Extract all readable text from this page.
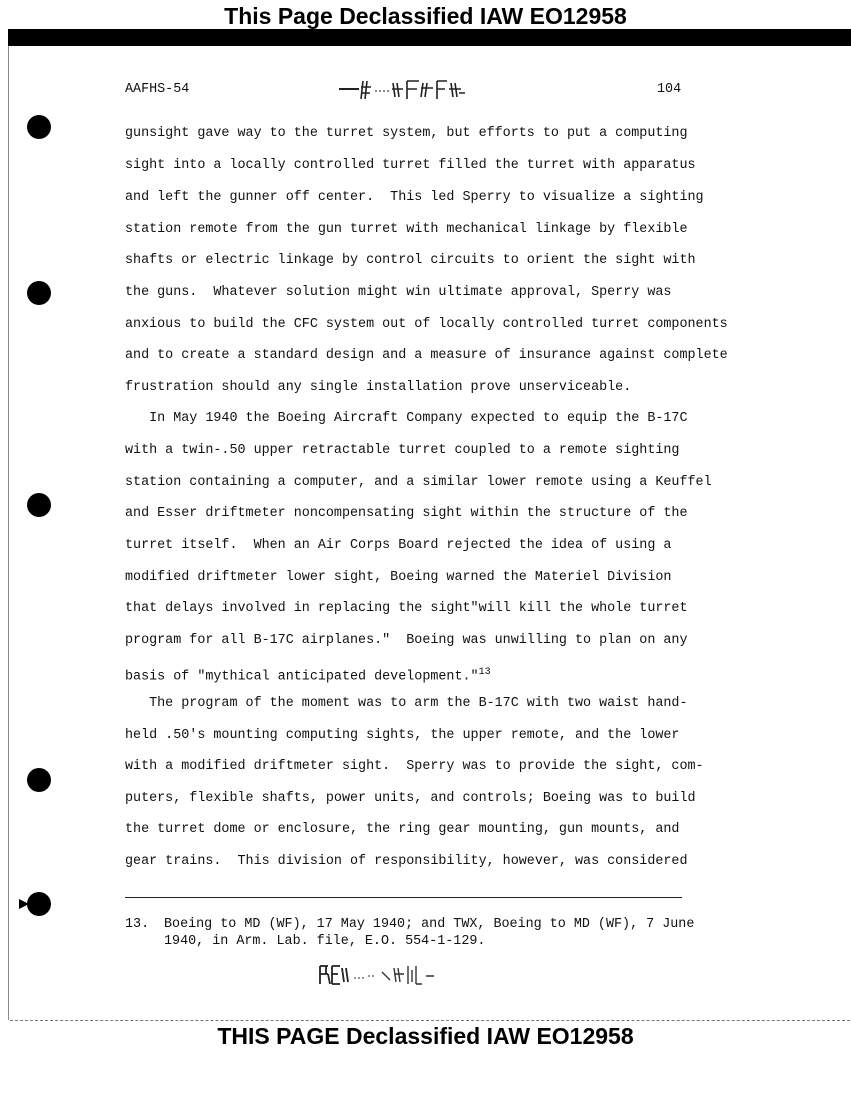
This Page Declassified IAW EO12958
AAFHS-54	104
gunsight gave way to the turret system, but efforts to put a computing
sight into a locally controlled turret filled the turret with apparatus
and left the gunner off center.  This led Sperry to visualize a sighting
station remote from the gun turret with mechanical linkage by flexible
shafts or electric linkage by control circuits to orient the sight with
the guns.  Whatever solution might win ultimate approval, Sperry was
anxious to build the CFC system out of locally controlled turret components
and to create a standard design and a measure of insurance against complete
frustration should any single installation prove unserviceable.
In May 1940 the Boeing Aircraft Company expected to equip the B-17C
with a twin-.50 upper retractable turret coupled to a remote sighting
station containing a computer, and a similar lower remote using a Keuffel
and Esser driftmeter noncompensating sight within the structure of the
turret itself.  When an Air Corps Board rejected the idea of using a
modified driftmeter lower sight, Boeing warned the Materiel Division
that delays involved in replacing the sight"will kill the whole turret
program for all B-17C airplanes."  Boeing was unwilling to plan on any
basis of "mythical anticipated development."$^{13}$
The program of the moment was to arm the B-17C with two waist hand-
held .50's mounting computing sights, the upper remote, and the lower
with a modified driftmeter sight.  Sperry was to provide the sight, com-
puters, flexible shafts, power units, and controls; Boeing was to build
the turret dome or enclosure, the ring gear mounting, gun mounts, and
gear trains.  This division of responsibility, however, was considered
13. Boeing to MD (WF), 17 May 1940; and TWX, Boeing to MD (WF), 7 June
1940, in Arm. Lab. file, E.O. 554-1-129.
THIS PAGE Declassified IAW EO12958
